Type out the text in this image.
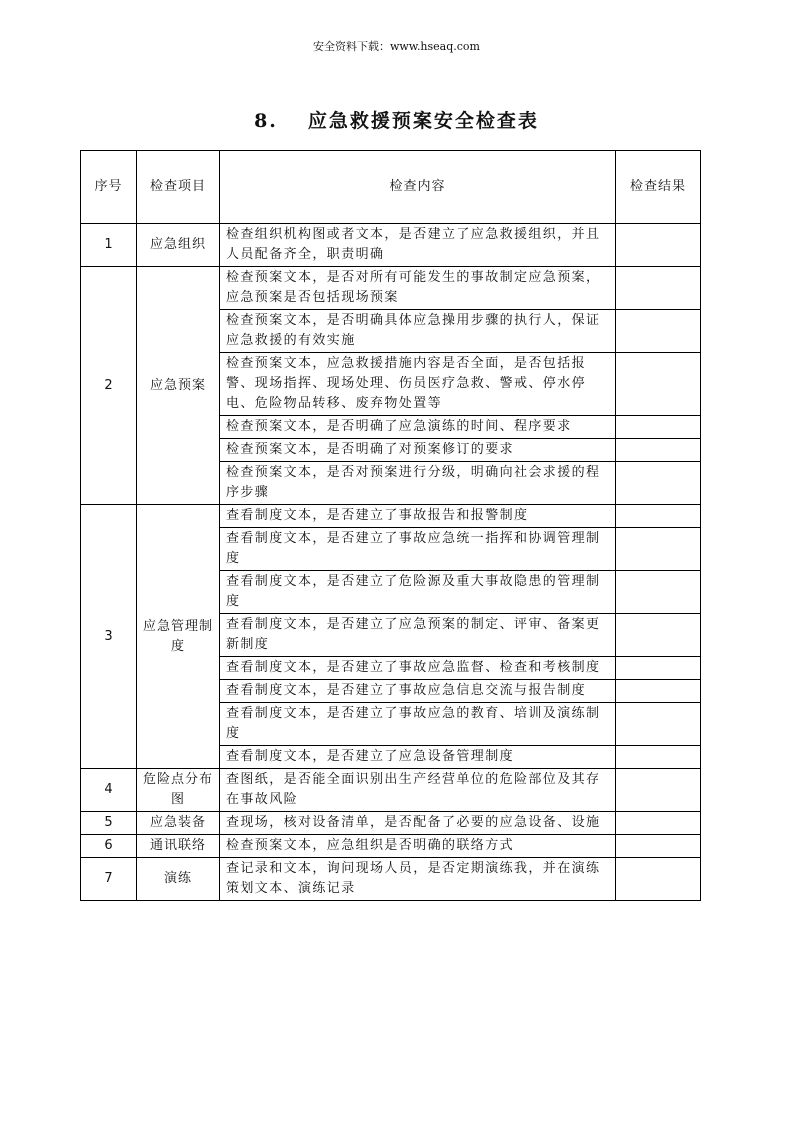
安全资料下载：www.hseaq.com
8. 应急救援预案安全检查表
序号	检查项目	检查内容	检查结果
1	应急组织	检查组织机构图或者文本，是否建立了应急救援组织，并且人员配备齐全，职责明确	
2	应急预案	检查预案文本，是否对所有可能发生的事故制定应急预案，应急预案是否包括现场预案	
		检查预案文本，是否明确具体应急操用步骤的执行人，保证应急救援的有效实施	
		检查预案文本，应急救援措施内容是否全面，是否包括报警、现场指挥、现场处理、伤员医疗急救、警戒、停水停电、危险物品转移、废弃物处置等	
		检查预案文本，是否明确了应急演练的时间、程序要求	
		检查预案文本，是否明确了对预案修订的要求	
		检查预案文本，是否对预案进行分级，明确向社会求援的程序步骤	
3	应急管理制度	查看制度文本，是否建立了事故报告和报警制度	
		查看制度文本，是否建立了事故应急统一指挥和协调管理制度	
		查看制度文本，是否建立了危险源及重大事故隐患的管理制度	
		查看制度文本，是否建立了应急预案的制定、评审、备案更新制度	
		查看制度文本，是否建立了事故应急监督、检查和考核制度	
		查看制度文本，是否建立了事故应急信息交流与报告制度	
		查看制度文本，是否建立了事故应急的教育、培训及演练制度	
		查看制度文本，是否建立了应急设备管理制度	
4	危险点分布图	查图纸，是否能全面识别出生产经营单位的危险部位及其存在事故风险	
5	应急装备	查现场，核对设备清单，是否配备了必要的应急设备、设施	
6	通讯联络	检查预案文本，应急组织是否明确的联络方式	
7	演练	查记录和文本，询问现场人员，是否定期演练我，并在演练策划文本、演练记录	
